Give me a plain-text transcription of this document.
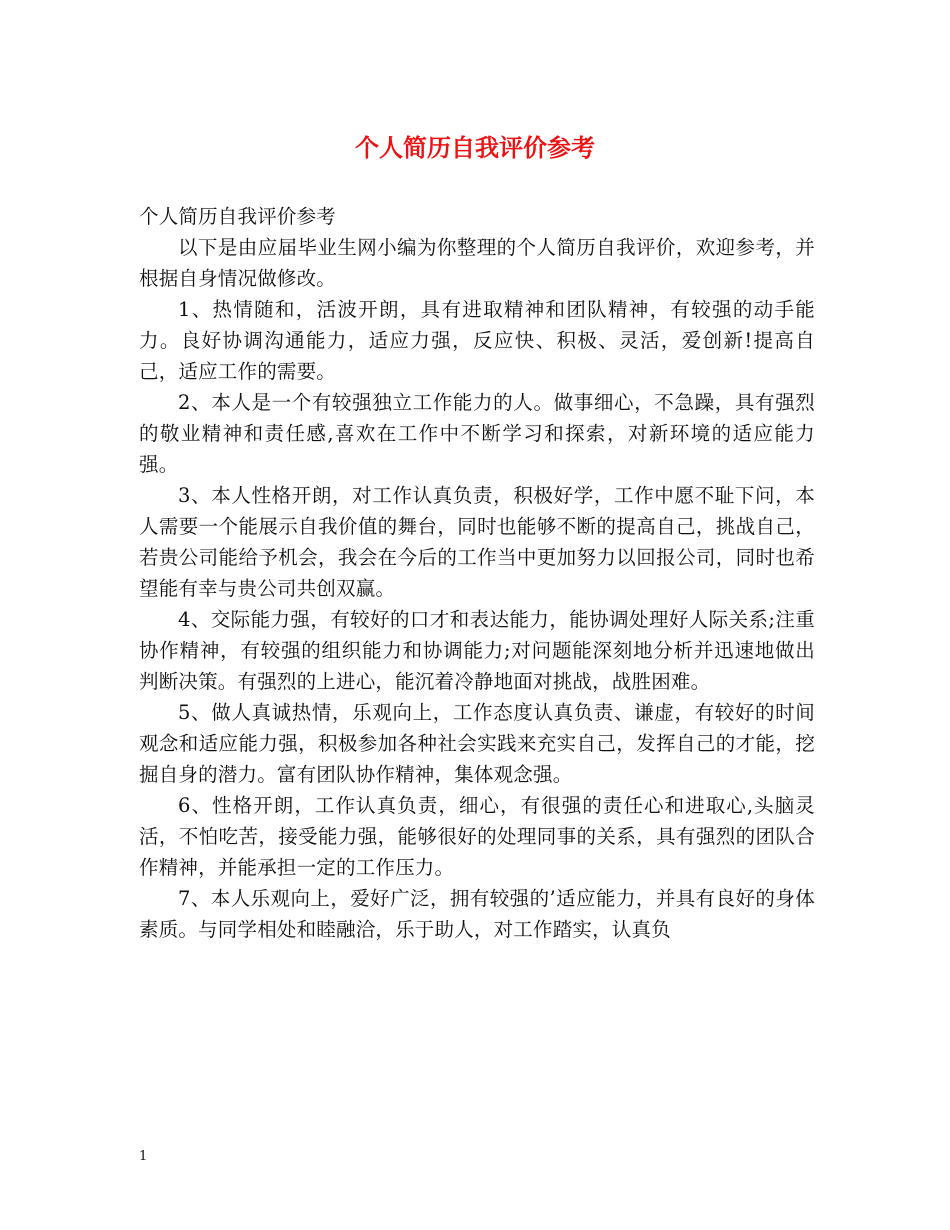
个人简历自我评价参考

个人简历自我评价参考

以下是由应届毕业生网小编为你整理的个人简历自我评价，欢迎参考，并根据自身情况做修改。

1、热情随和，活波开朗，具有进取精神和团队精神，有较强的动手能力。良好协调沟通能力，适应力强，反应快、积极、灵活，爱创新!提高自己，适应工作的需要。

2、本人是一个有较强独立工作能力的人。做事细心，不急躁，具有强烈的敬业精神和责任感,喜欢在工作中不断学习和探索，对新环境的适应能力强。

3、本人性格开朗，对工作认真负责，积极好学，工作中愿不耻下问，本人需要一个能展示自我价值的舞台，同时也能够不断的提高自己，挑战自己，若贵公司能给予机会，我会在今后的工作当中更加努力以回报公司，同时也希望能有幸与贵公司共创双赢。

4、交际能力强，有较好的口才和表达能力，能协调处理好人际关系;注重协作精神，有较强的组织能力和协调能力;对问题能深刻地分析并迅速地做出判断决策。有强烈的上进心，能沉着冷静地面对挑战，战胜困难。

5、做人真诚热情，乐观向上，工作态度认真负责、谦虚，有较好的时间观念和适应能力强，积极参加各种社会实践来充实自己，发挥自己的才能，挖掘自身的潜力。富有团队协作精神，集体观念强。

6、性格开朗，工作认真负责，细心，有很强的责任心和进取心,头脑灵活，不怕吃苦，接受能力强，能够很好的处理同事的关系，具有强烈的团队合作精神，并能承担一定的工作压力。

7、本人乐观向上，爱好广泛，拥有较强的’适应能力，并具有良好的身体素质。与同学相处和睦融洽，乐于助人，对工作踏实，认真负

1
